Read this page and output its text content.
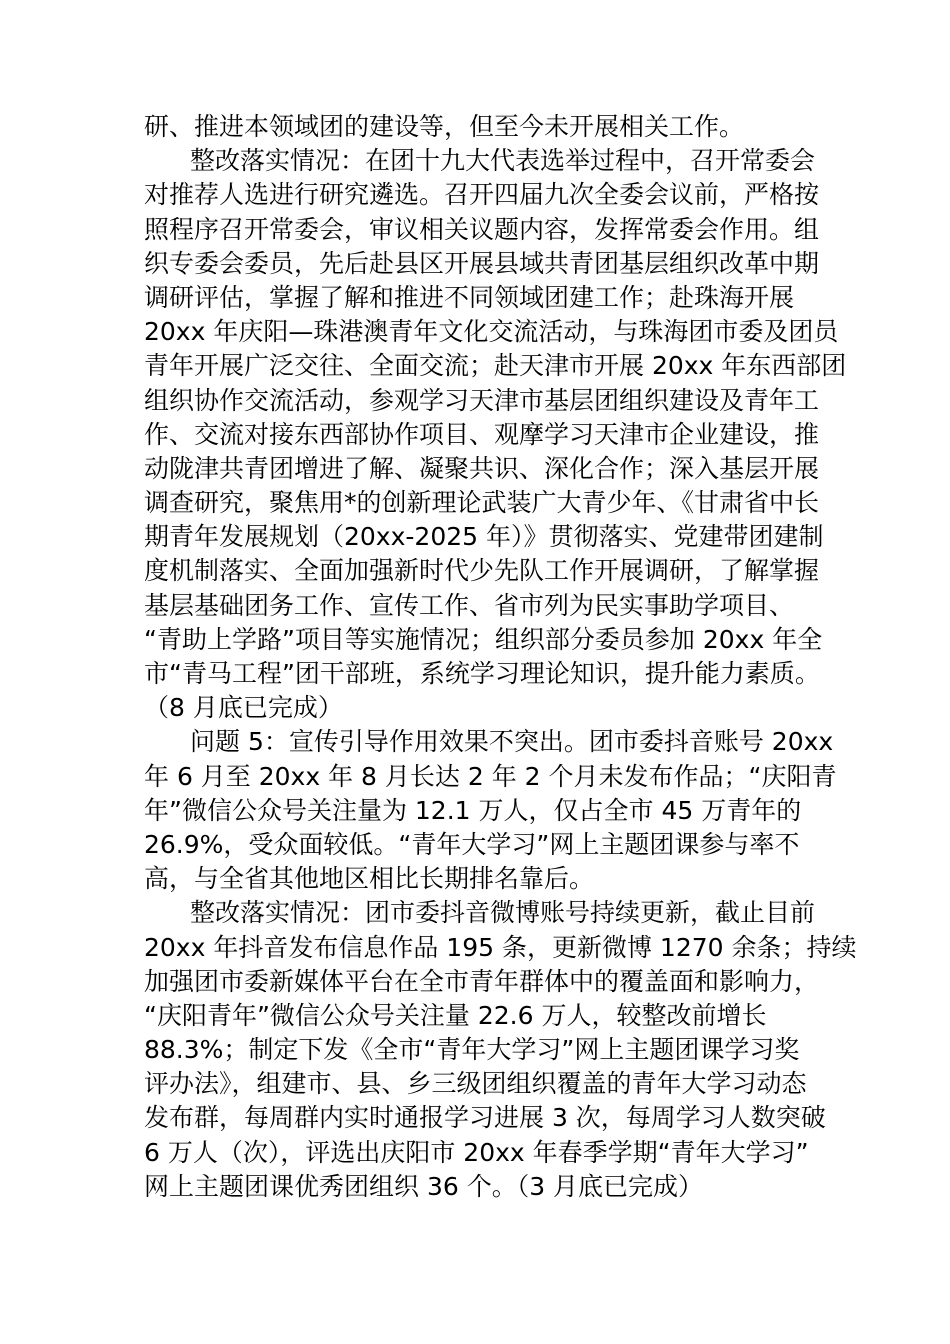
研、推进本领域团的建设等，但至今未开展相关工作。
整改落实情况：在团十九大代表选举过程中，召开常委会
对推荐人选进行研究遴选。召开四届九次全委会议前，严格按
照程序召开常委会，审议相关议题内容，发挥常委会作用。组
织专委会委员，先后赴县区开展县域共青团基层组织改革中期
调研评估，掌握了解和推进不同领域团建工作；赴珠海开展
20xx 年庆阳—珠港澳青年文化交流活动，与珠海团市委及团员
青年开展广泛交往、全面交流；赴天津市开展 20xx 年东西部团
组织协作交流活动，参观学习天津市基层团组织建设及青年工
作、交流对接东西部协作项目、观摩学习天津市企业建设，推
动陇津共青团增进了解、凝聚共识、深化合作；深入基层开展
调查研究，聚焦用*的创新理论武装广大青少年、《甘肃省中长
期青年发展规划（20xx-2025 年）》贯彻落实、党建带团建制
度机制落实、全面加强新时代少先队工作开展调研，了解掌握
基层基础团务工作、宣传工作、省市列为民实事助学项目、
“青助上学路”项目等实施情况；组织部分委员参加 20xx 年全
市“青马工程”团干部班，系统学习理论知识，提升能力素质。
（8 月底已完成）
问题 5：宣传引导作用效果不突出。团市委抖音账号 20xx
年 6 月至 20xx 年 8 月长达 2 年 2 个月未发布作品；“庆阳青
年”微信公众号关注量为 12.1 万人，仅占全市 45 万青年的
26.9%，受众面较低。“青年大学习”网上主题团课参与率不
高，与全省其他地区相比长期排名靠后。
整改落实情况：团市委抖音微博账号持续更新，截止目前
20xx 年抖音发布信息作品 195 条，更新微博 1270 余条；持续
加强团市委新媒体平台在全市青年群体中的覆盖面和影响力，
“庆阳青年”微信公众号关注量 22.6 万人，较整改前增长
88.3%；制定下发《全市“青年大学习”网上主题团课学习奖
评办法》，组建市、县、乡三级团组织覆盖的青年大学习动态
发布群，每周群内实时通报学习进展 3 次，每周学习人数突破
6 万人（次），评选出庆阳市 20xx 年春季学期“青年大学习”
网上主题团课优秀团组织 36 个。（3 月底已完成）
